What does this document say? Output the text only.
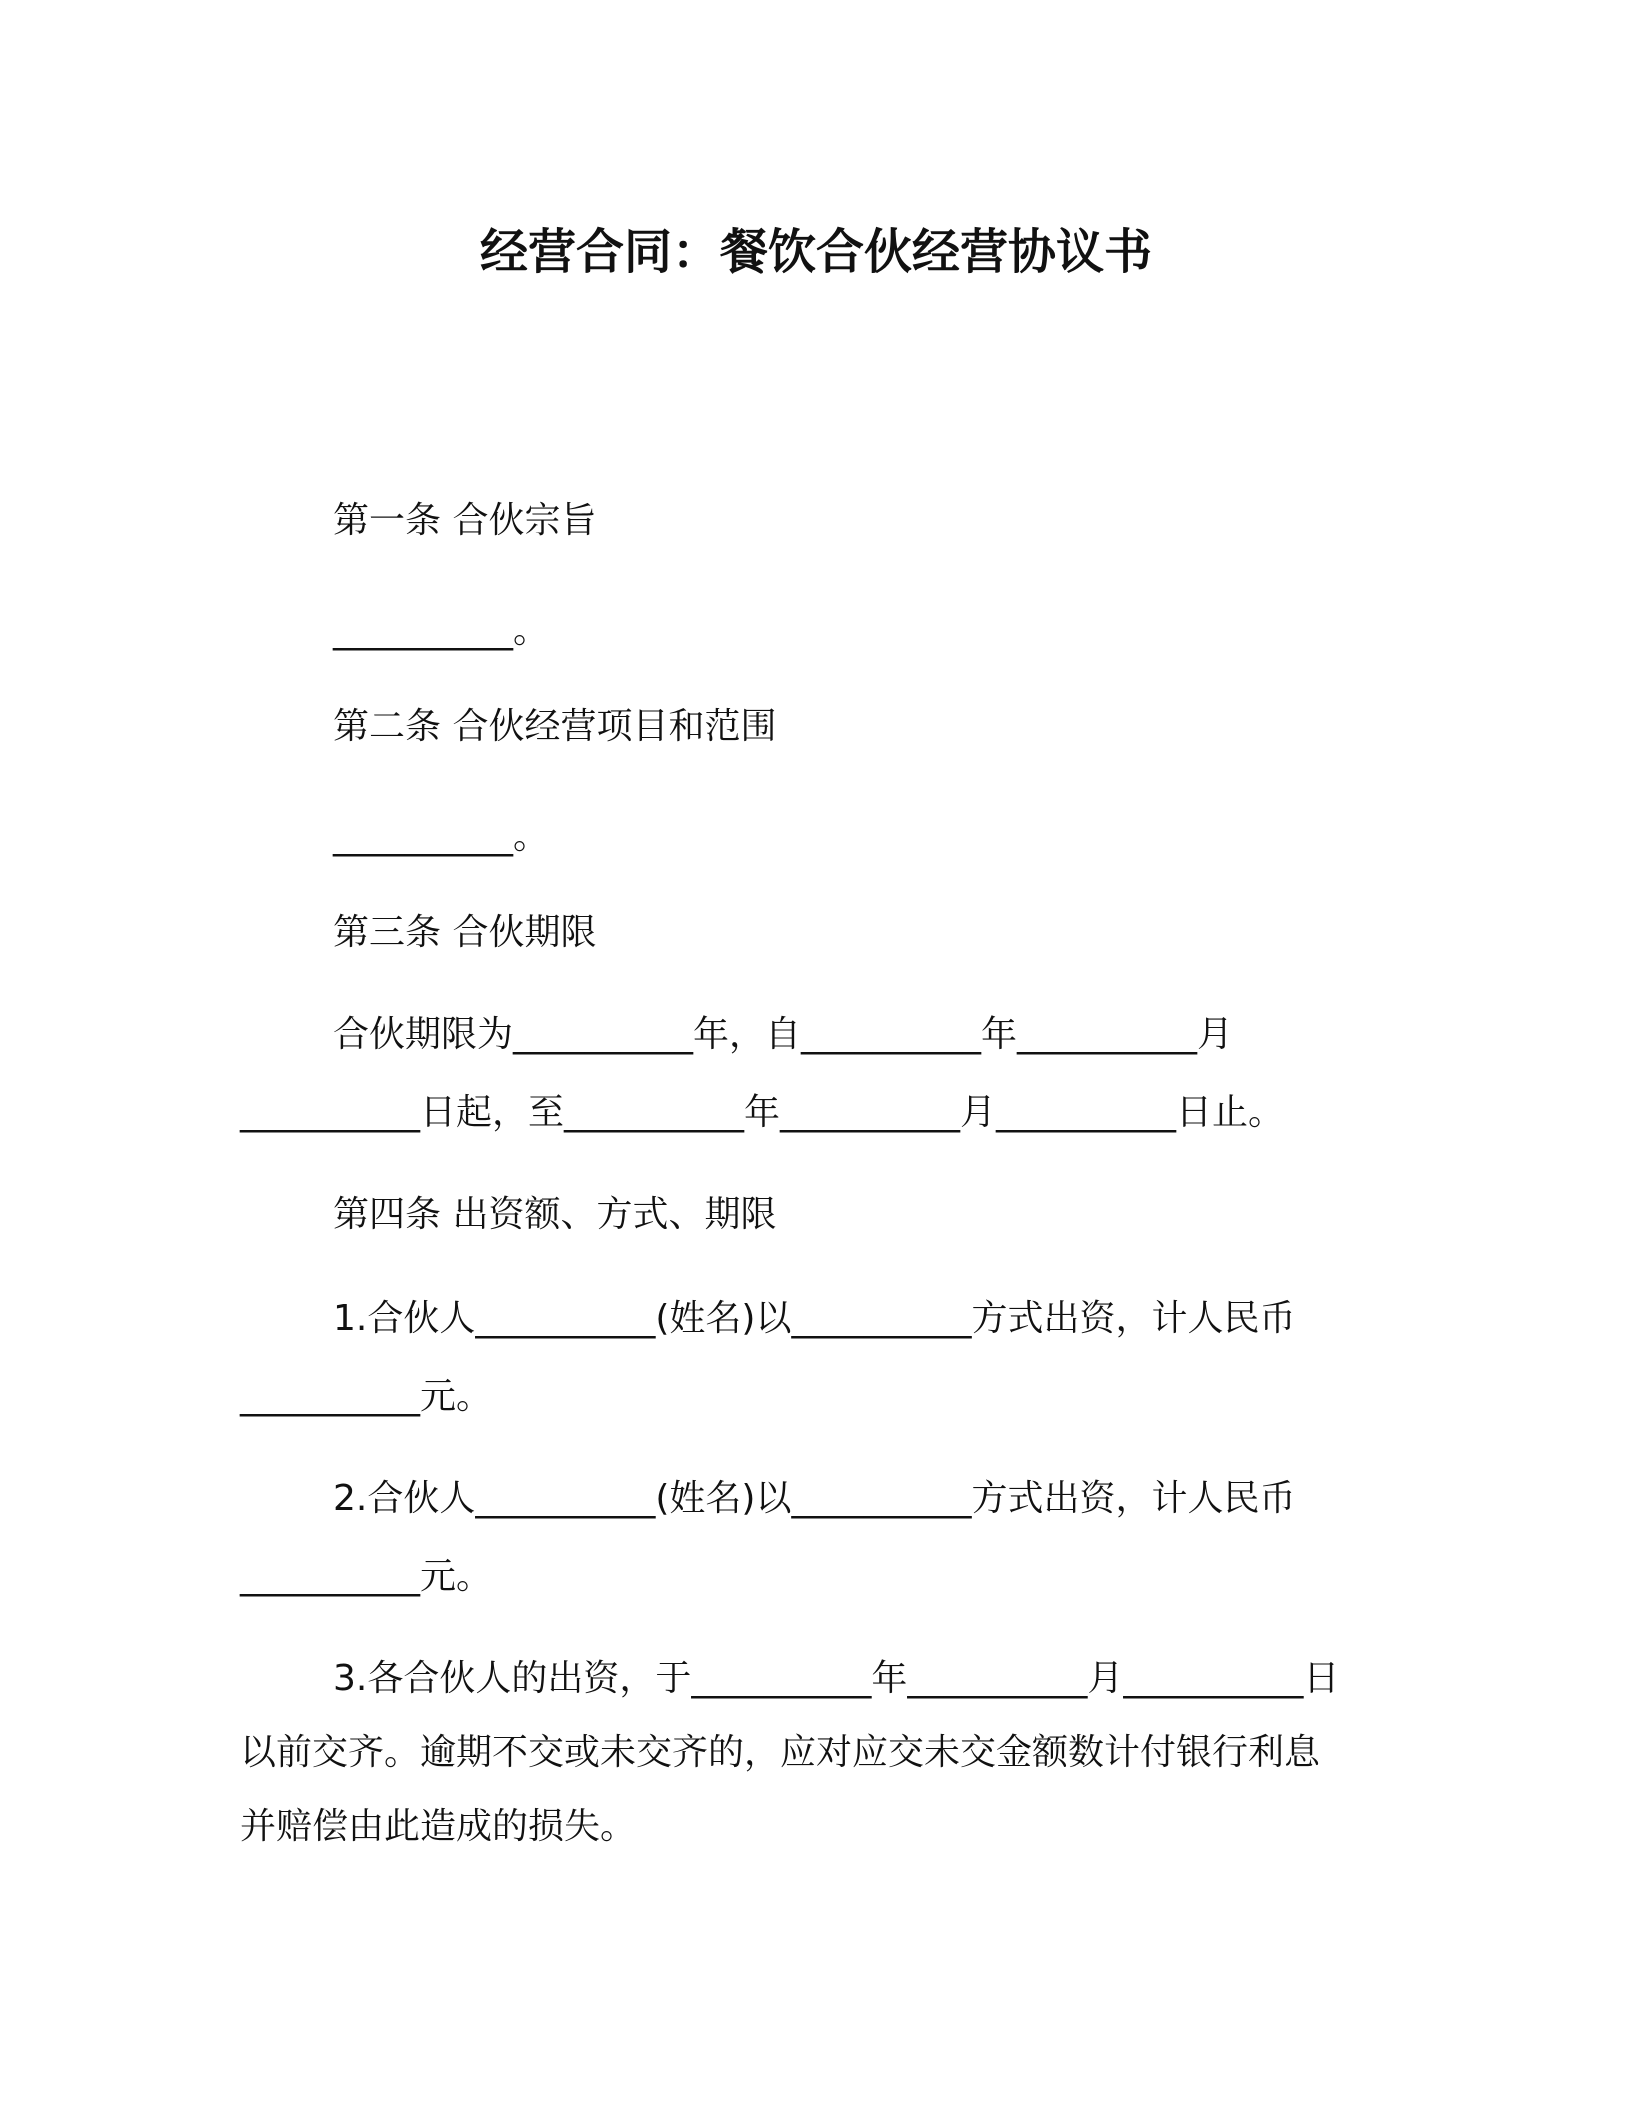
经营合同：餐饮合伙经营协议书
第一条 合伙宗旨
__________。
第二条 合伙经营项目和范围
__________。
第三条 合伙期限
合伙期限为__________年，自__________年__________月
__________日起，至__________年__________月__________日止。
第四条 出资额、方式、期限
1.合伙人__________(姓名)以__________方式出资，计人民币
__________元。
2.合伙人__________(姓名)以__________方式出资，计人民币
__________元。
3.各合伙人的出资，于__________年__________月__________日
以前交齐。逾期不交或未交齐的，应对应交未交金额数计付银行利息
并赔偿由此造成的损失。
